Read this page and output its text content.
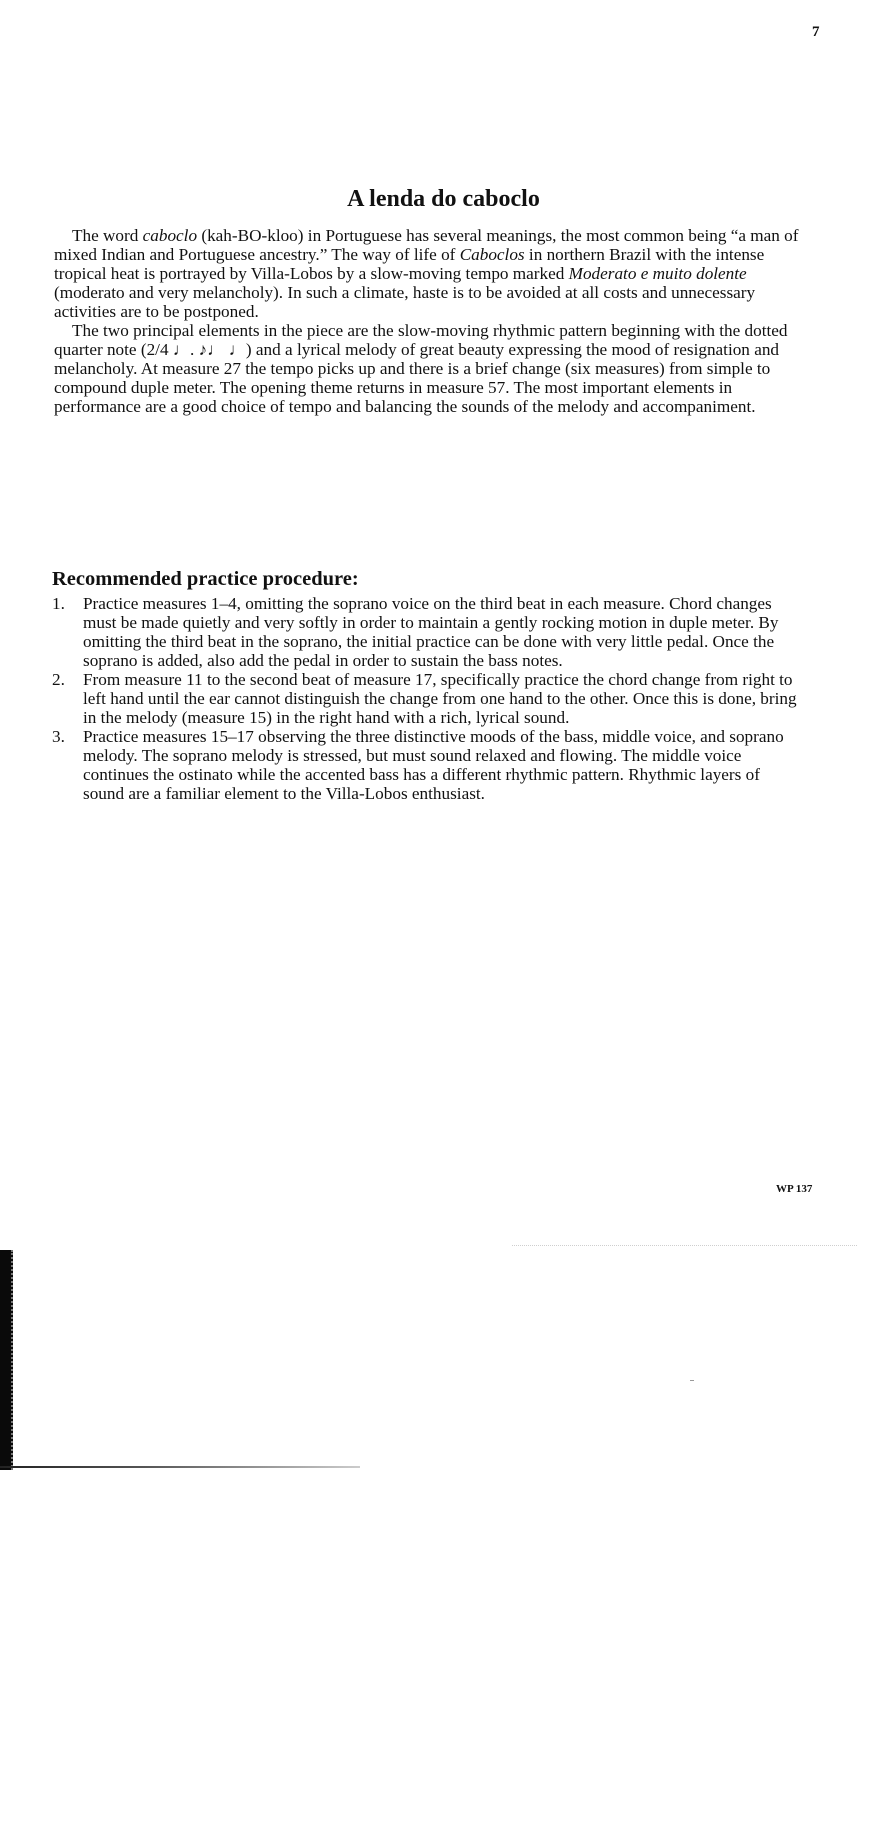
7
A lenda do caboclo

The word caboclo (kah-BO-kloo) in Portuguese has several meanings, the most common being “a man of mixed Indian and Portuguese ancestry.” The way of life of Caboclos in northern Brazil with the intense tropical heat is portrayed by Villa-Lobos by a slow-moving tempo marked Moderato e muito dolente (moderato and very melancholy). In such a climate, haste is to be avoided at all costs and unnecessary activities are to be postponed.

The two principal elements in the piece are the slow-moving rhythmic pattern beginning with the dotted quarter note (2/4 ♩. ♪♩ ♩) and a lyrical melody of great beauty expressing the mood of resignation and melancholy. At measure 27 the tempo picks up and there is a brief change (six measures) from simple to compound duple meter. The opening theme returns in measure 57. The most important elements in performance are a good choice of tempo and balancing the sounds of the melody and accompaniment.

Recommended practice procedure:
1.	Practice measures 1–4, omitting the soprano voice on the third beat in each measure. Chord changes must be made quietly and very softly in order to maintain a gently rocking motion in duple meter. By omitting the third beat in the soprano, the initial practice can be done with very little pedal. Once the soprano is added, also add the pedal in order to sustain the bass notes.
2.	From measure 11 to the second beat of measure 17, specifically practice the chord change from right to left hand until the ear cannot distinguish the change from one hand to the other. Once this is done, bring in the melody (measure 15) in the right hand with a rich, lyrical sound.
3.	Practice measures 15–17 observing the three distinctive moods of the bass, middle voice, and soprano melody. The soprano melody is stressed, but must sound relaxed and flowing. The middle voice continues the ostinato while the accented bass has a different rhythmic pattern. Rhythmic layers of sound are a familiar element to the Villa-Lobos enthusiast.
WP 137
